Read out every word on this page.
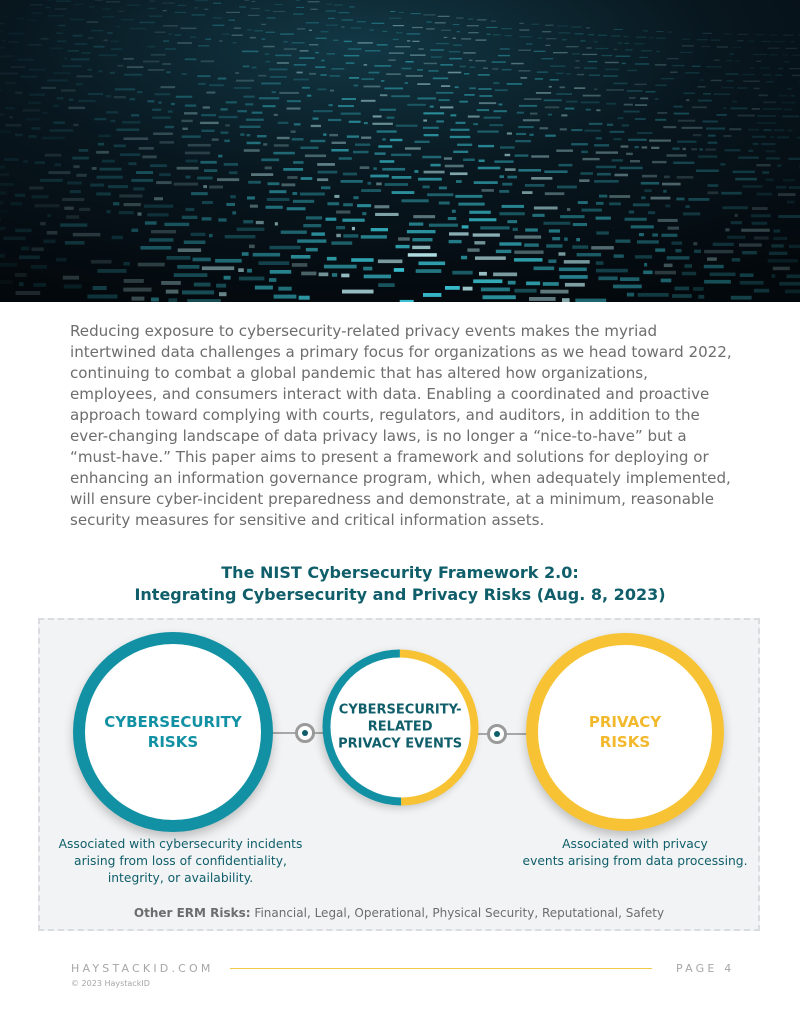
Reducing exposure to cybersecurity-related privacy events makes the myriad intertwined data challenges a primary focus for organizations as we head toward 2022, continuing to combat a global pandemic that has altered how organizations, employees, and consumers interact with data. Enabling a coordinated and proactive approach toward complying with courts, regulators, and auditors, in addition to the ever-changing landscape of data privacy laws, is no longer a “nice-to-have” but a “must-have.” This paper aims to present a framework and solutions for deploying or enhancing an information governance program, which, when adequately implemented, will ensure cyber-incident preparedness and demonstrate, at a minimum, reasonable security measures for sensitive and critical information assets.

The NIST Cybersecurity Framework 2.0:
Integrating Cybersecurity and Privacy Risks (Aug. 8, 2023)
CYBERSECURITY
RISKS
CYBERSECURITY-
RELATED
PRIVACY EVENTS
PRIVACY
RISKS
Associated with cybersecurity incidents
arising from loss of confidentiality,
integrity, or availability.
Associated with privacy
events arising from data processing.
Other ERM Risks: Financial, Legal, Operational, Physical Security, Reputational, Safety
HAYSTACKID.COM	PAGE 4
© 2023 HaystackID
